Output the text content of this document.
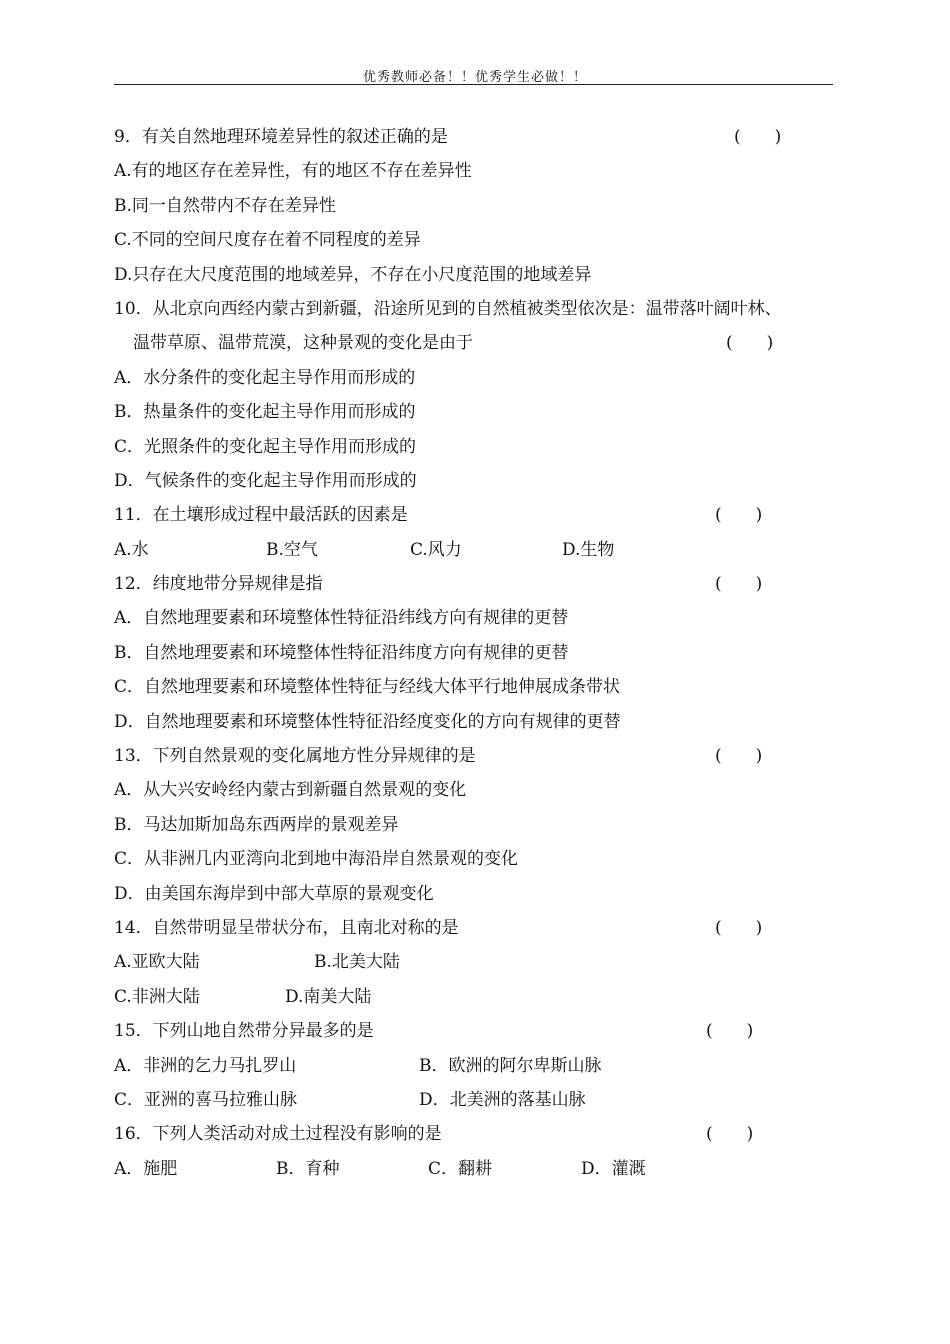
优秀教师必备！！优秀学生必做！！
9．有关自然地理环境差异性的叙述正确的是	(　　)
A.有的地区存在差异性，有的地区不存在差异性
B.同一自然带内不存在差异性
C.不同的空间尺度存在着不同程度的差异
D.只存在大尺度范围的地域差异，不存在小尺度范围的地域差异
10．从北京向西经内蒙古到新疆，沿途所见到的自然植被类型依次是：温带落叶阔叶林、
温带草原、温带荒漠，这种景观的变化是由于	(　　)
A．水分条件的变化起主导作用而形成的
B．热量条件的变化起主导作用而形成的
C．光照条件的变化起主导作用而形成的
D．气候条件的变化起主导作用而形成的
11．在土壤形成过程中最活跃的因素是	(　　)
A.水	B.空气	C.风力	D.生物
12．纬度地带分异规律是指	(　　)
A．自然地理要素和环境整体性特征沿纬线方向有规律的更替
B．自然地理要素和环境整体性特征沿纬度方向有规律的更替
C．自然地理要素和环境整体性特征与经线大体平行地伸展成条带状
D．自然地理要素和环境整体性特征沿经度变化的方向有规律的更替
13．下列自然景观的变化属地方性分异规律的是	(　　)
A．从大兴安岭经内蒙古到新疆自然景观的变化
B．马达加斯加岛东西两岸的景观差异
C．从非洲几内亚湾向北到地中海沿岸自然景观的变化
D．由美国东海岸到中部大草原的景观变化
14．自然带明显呈带状分布，且南北对称的是	(　　)
A.亚欧大陆	B.北美大陆
C.非洲大陆	D.南美大陆
15．下列山地自然带分异最多的是	(　　)
A．非洲的乞力马扎罗山	B．欧洲的阿尔卑斯山脉
C．亚洲的喜马拉雅山脉	D．北美洲的落基山脉
16．下列人类活动对成土过程没有影响的是	(　　)
A．施肥	B．育种	C．翻耕	D．灌溉
